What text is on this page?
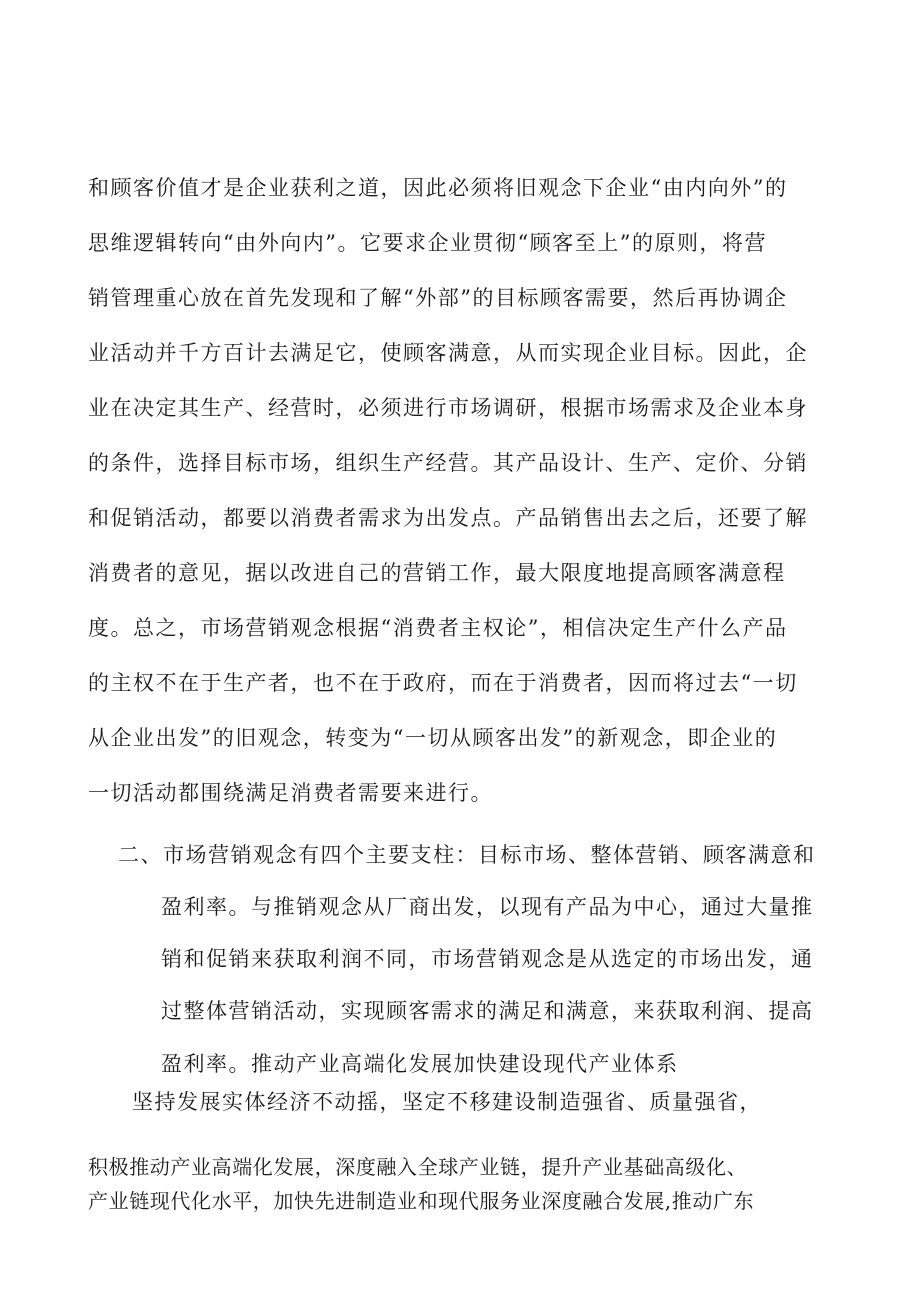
和顾客价值才是企业获利之道，因此必须将旧观念下企业“由内向外”的
思维逻辑转向“由外向内”。它要求企业贯彻“顾客至上”的原则，将营
销管理重心放在首先发现和了解“外部”的目标顾客需要，然后再协调企
业活动并千方百计去满足它，使顾客满意，从而实现企业目标。因此，企
业在决定其生产、经营时，必须进行市场调研，根据市场需求及企业本身
的条件，选择目标市场，组织生产经营。其产品设计、生产、定价、分销
和促销活动，都要以消费者需求为出发点。产品销售出去之后，还要了解
消费者的意见，据以改进自己的营销工作，最大限度地提高顾客满意程
度。总之，市场营销观念根据“消费者主权论”，相信决定生产什么产品
的主权不在于生产者，也不在于政府，而在于消费者，因而将过去“一切
从企业出发”的旧观念，转变为“一切从顾客出发”的新观念，即企业的
一切活动都围绕满足消费者需要来进行。
二、市场营销观念有四个主要支柱：目标市场、整体营销、顾客满意和
盈利率。与推销观念从厂商出发，以现有产品为中心，通过大量推
销和促销来获取利润不同，市场营销观念是从选定的市场出发，通
过整体营销活动，实现顾客需求的满足和满意，来获取利润、提高
盈利率。推动产业高端化发展加快建设现代产业体系
坚持发展实体经济不动摇，坚定不移建设制造强省、质量强省，
积极推动产业高端化发展，深度融入全球产业链，提升产业基础高级化、
产业链现代化水平，加快先进制造业和现代服务业深度融合发展,推动广东
